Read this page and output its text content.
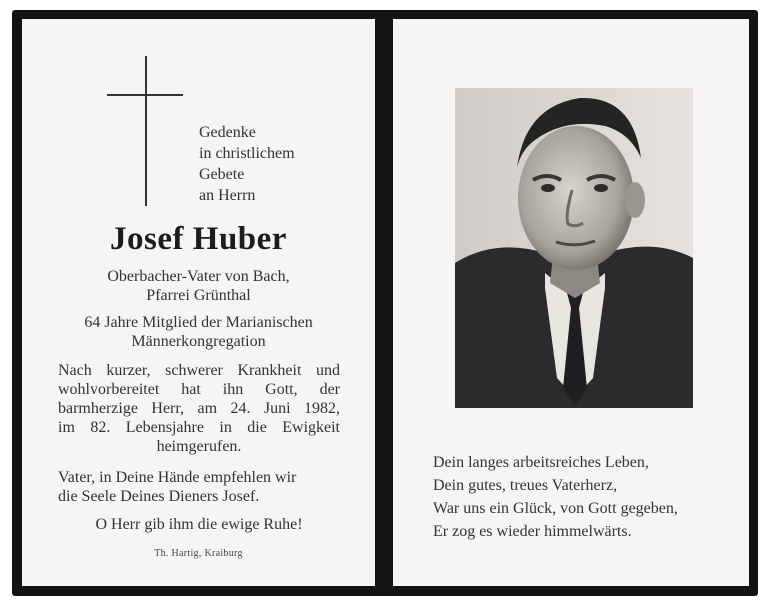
Gedenke
in christlichem
Gebete
an Herrn
Josef Huber
Oberbacher-Vater von Bach,
Pfarrei Grünthal
64 Jahre Mitglied der Marianischen
Männerkongregation
Nach kurzer, schwerer Krankheit und
wohlvorbereitet hat ihn Gott, der
barmherzige Herr, am 24. Juni 1982,
im 82. Lebensjahre in die Ewigkeit
heimgerufen.
Vater, in Deine Hände empfehlen wir
die Seele Deines Dieners Josef.
O Herr gib ihm die ewige Ruhe!
Th. Hartig, Kraiburg
Dein langes arbeitsreiches Leben,
Dein gutes, treues Vaterherz,
War uns ein Glück, von Gott gegeben,
Er zog es wieder himmelwärts.
